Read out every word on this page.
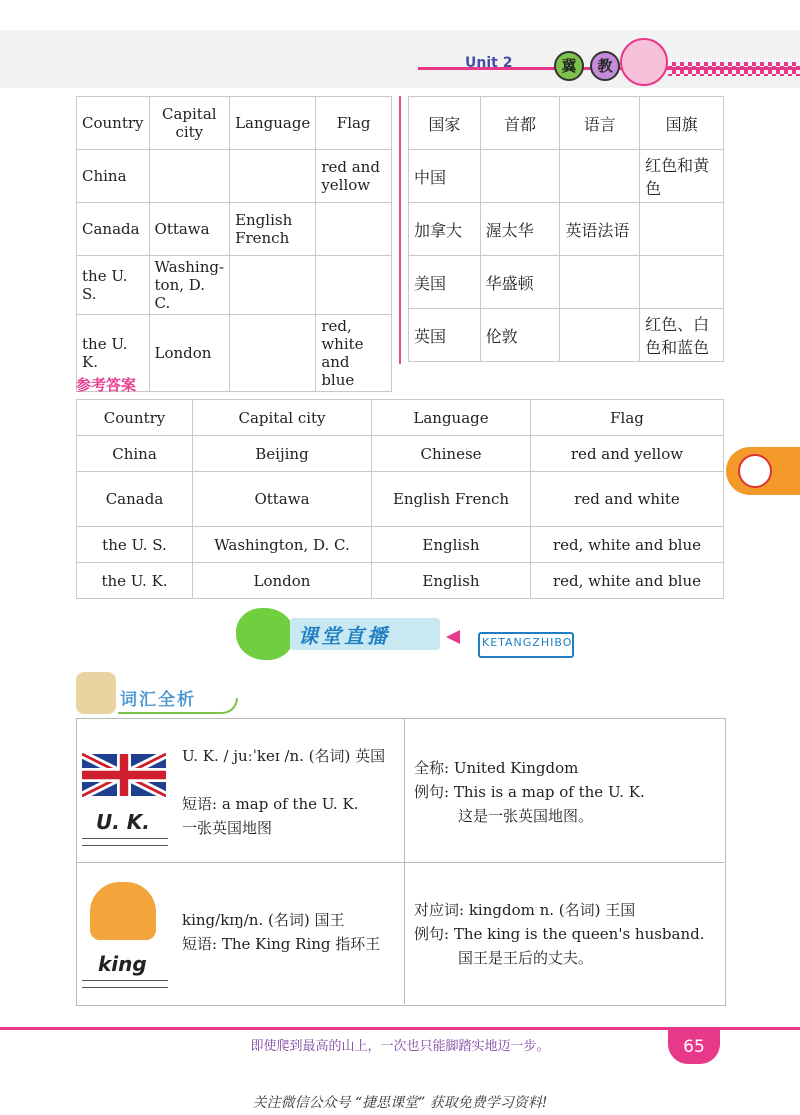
Unit 2	冀	教
Country	Capital city	Language	Flag
China			red and yellow
Canada	Ottawa	English French	
the U. S.	Washing-ton, D. C.		
the U. K.	London		red, white and blue
国家	首都	语言	国旗
中国			红色和黄色
加拿大	渥太华	英语法语	
美国	华盛顿		
英国	伦敦		红色、白色和蓝色
参考答案
Country	Capital city	Language	Flag
China	Beijing	Chinese	red and yellow
Canada	Ottawa	English French	red and white
the U. S.	Washington, D. C.	English	red, white and blue
the U. K.	London	English	red, white and blue
课堂直播	KETANGZHIBO
词汇全析
U. K.
U. K. / juːˈkeɪ /n. (名词) 英国
短语: a map of the U. K.
一张英国地图
全称: United Kingdom
例句: This is a map of the U. K.
这是一张英国地图。
king
king/kɪŋ/n. (名词) 国王
短语: The King Ring 指环王
对应词: kingdom n. (名词) 王国
例句: The king is the queen's husband.
国王是王后的丈夫。
即使爬到最高的山上，一次也只能脚踏实地迈一步。	65
关注微信公众号 “捷思课堂” 获取免费学习资料!
